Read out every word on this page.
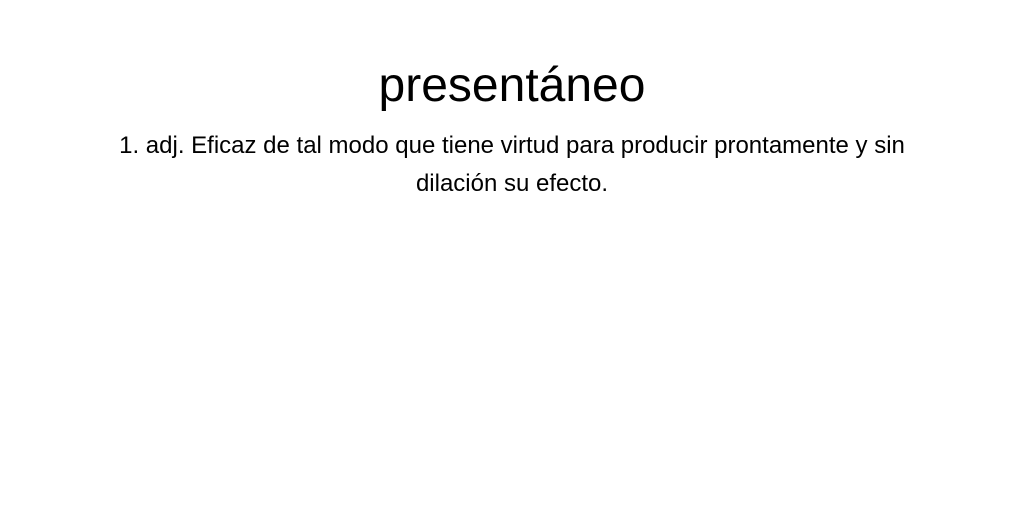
presentáneo

1. adj. Eficaz de tal modo que tiene virtud para producir prontamente y sin dilación su efecto.
